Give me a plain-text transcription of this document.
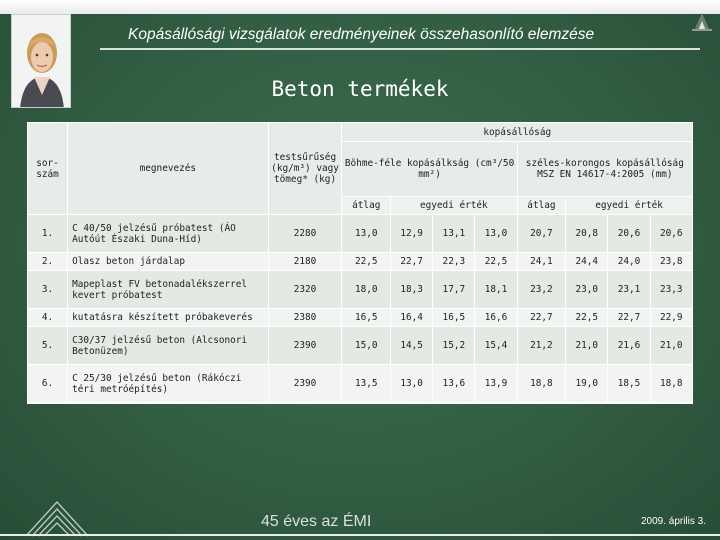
Kopásállósági vizsgálatok eredményeinek összehasonlító elemzése
Beton termékek
sor- szám	megnevezés	testsűrűség (kg/m³) vagy tömeg* (kg)	kopásállóság							
			Böhme-féle kopásálkság (cm³/50 mm²)				széles-korongos kopásállóság MSZ EN 14617-4:2005 (mm)			
			átlag	egyedi érték			átlag	egyedi érték		
1.	C 40/50 jelzésű próbatest (ÁO Autóút Északi Duna-Híd)	2280	13,0	12,9	13,1	13,0	20,7	20,8	20,6	20,6
2.	Olasz beton járdalap	2180	22,5	22,7	22,3	22,5	24,1	24,4	24,0	23,8
3.	Mapeplast FV betonadalékszerrel kevert próbatest	2320	18,0	18,3	17,7	18,1	23,2	23,0	23,1	23,3
4.	kutatásra készített próbakeverés	2380	16,5	16,4	16,5	16,6	22,7	22,5	22,7	22,9
5.	C30/37 jelzésű beton (Alcsonori Betonüzem)	2390	15,0	14,5	15,2	15,4	21,2	21,0	21,6	21,0
6.	C 25/30 jelzésű beton (Rákóczi téri metróépítés)	2390	13,5	13,0	13,6	13,9	18,8	19,0	18,5	18,8
45 éves az ÉMI	2009. április 3.
